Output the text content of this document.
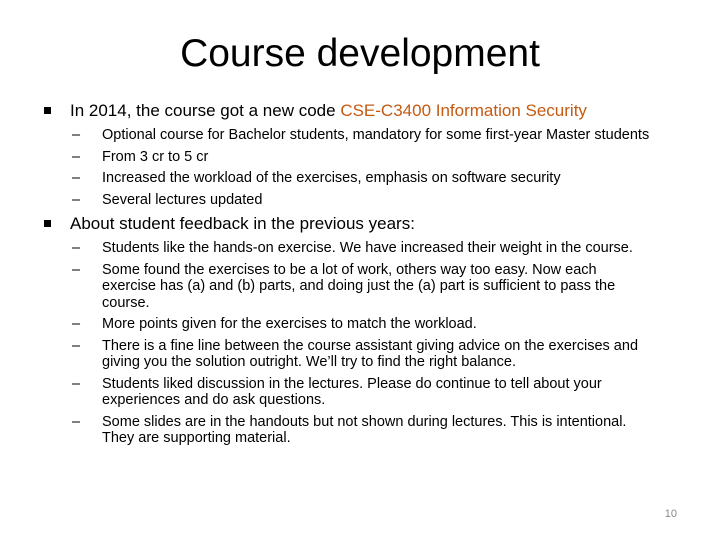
Course development

In 2014, the course got a new code CSE-C3400 Information Security

– Optional course for Bachelor students, mandatory for some first-year Master students
– From 3 cr to 5 cr
– Increased the workload of the exercises, emphasis on software security
– Several lectures updated

About student feedback in the previous years:

– Students like the hands-on exercise. We have increased their weight in the course.
– Some found the exercises to be a lot of work, others way too easy. Now each exercise has (a) and (b) parts, and doing just the (a) part is sufficient to pass the course.
– More points given for the exercises to match the workload.
– There is a fine line between the course assistant giving advice on the exercises and giving you the solution outright. We’ll try to find the right balance.
– Students liked discussion in the lectures. Please do continue to tell about your experiences and do ask questions.
– Some slides are in the handouts but not shown during lectures. This is intentional. They are supporting material.
10
